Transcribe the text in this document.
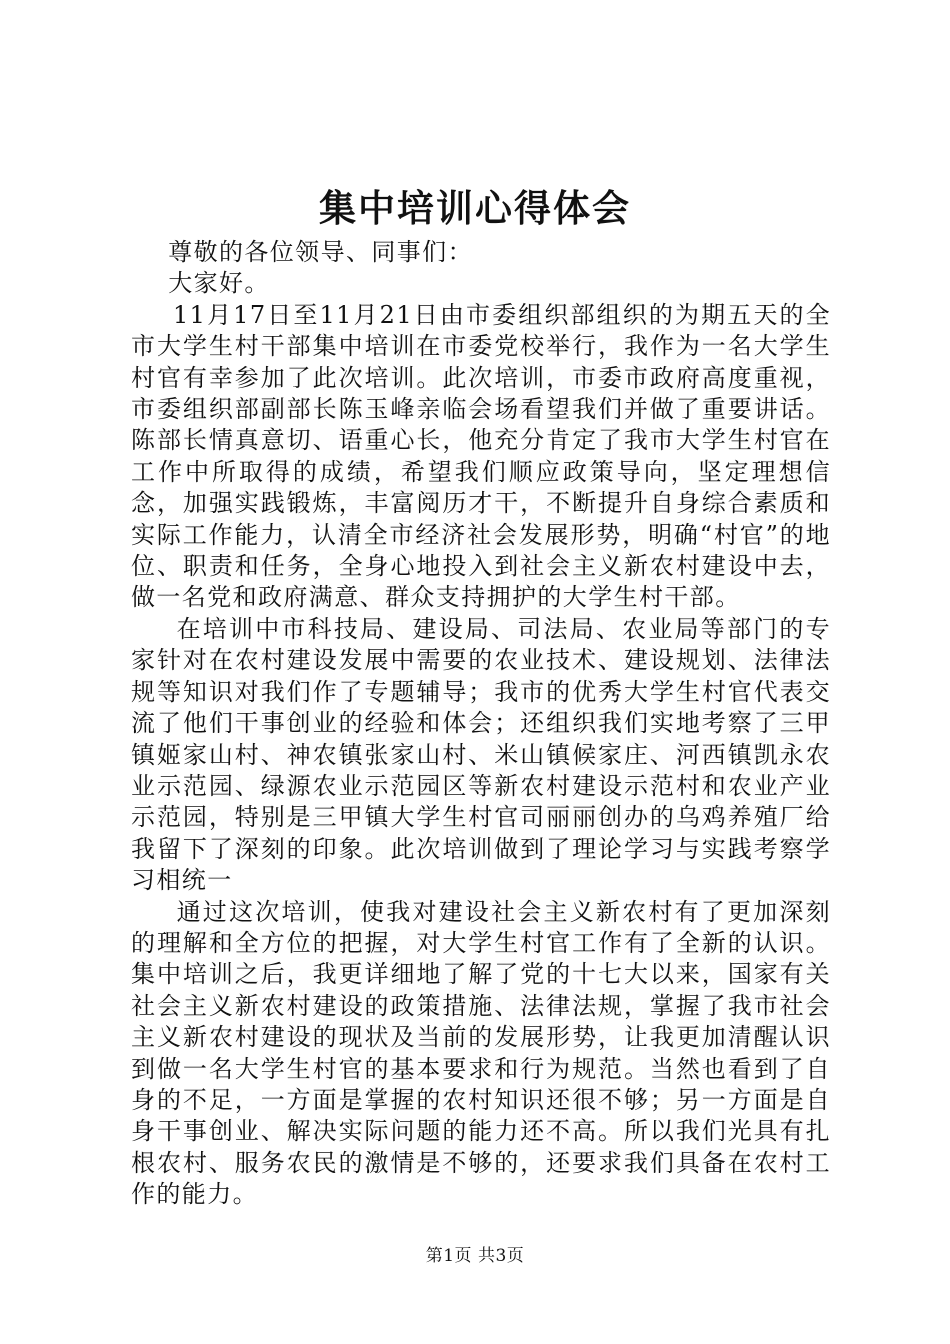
集中培训心得体会

尊敬的各位领导、同事们：

大家好。

11月17日至11月21日由市委组织部组织的为期五天的全市大学生村干部集中培训在市委党校举行，我作为一名大学生村官有幸参加了此次培训。此次培训，市委市政府高度重视，市委组织部副部长陈玉峰亲临会场看望我们并做了重要讲话。陈部长情真意切、语重心长，他充分肯定了我市大学生村官在工作中所取得的成绩，希望我们顺应政策导向，坚定理想信念，加强实践锻炼，丰富阅历才干，不断提升自身综合素质和实际工作能力，认清全市经济社会发展形势，明确“村官”的地位、职责和任务，全身心地投入到社会主义新农村建设中去，做一名党和政府满意、群众支持拥护的大学生村干部。

在培训中市科技局、建设局、司法局、农业局等部门的专家针对在农村建设发展中需要的农业技术、建设规划、法律法规等知识对我们作了专题辅导；我市的优秀大学生村官代表交流了他们干事创业的经验和体会；还组织我们实地考察了三甲镇姬家山村、神农镇张家山村、米山镇候家庄、河西镇凯永农业示范园、绿源农业示范园区等新农村建设示范村和农业产业示范园，特别是三甲镇大学生村官司丽丽创办的乌鸡养殖厂给我留下了深刻的印象。此次培训做到了理论学习与实践考察学习相统一

通过这次培训，使我对建设社会主义新农村有了更加深刻的理解和全方位的把握，对大学生村官工作有了全新的认识。集中培训之后，我更详细地了解了党的十七大以来，国家有关社会主义新农村建设的政策措施、法律法规，掌握了我市社会主义新农村建设的现状及当前的发展形势，让我更加清醒认识到做一名大学生村官的基本要求和行为规范。当然也看到了自身的不足，一方面是掌握的农村知识还很不够；另一方面是自身干事创业、解决实际问题的能力还不高。所以我们光具有扎根农村、服务农民的激情是不够的，还要求我们具备在农村工作的能力。

第1页 共3页
